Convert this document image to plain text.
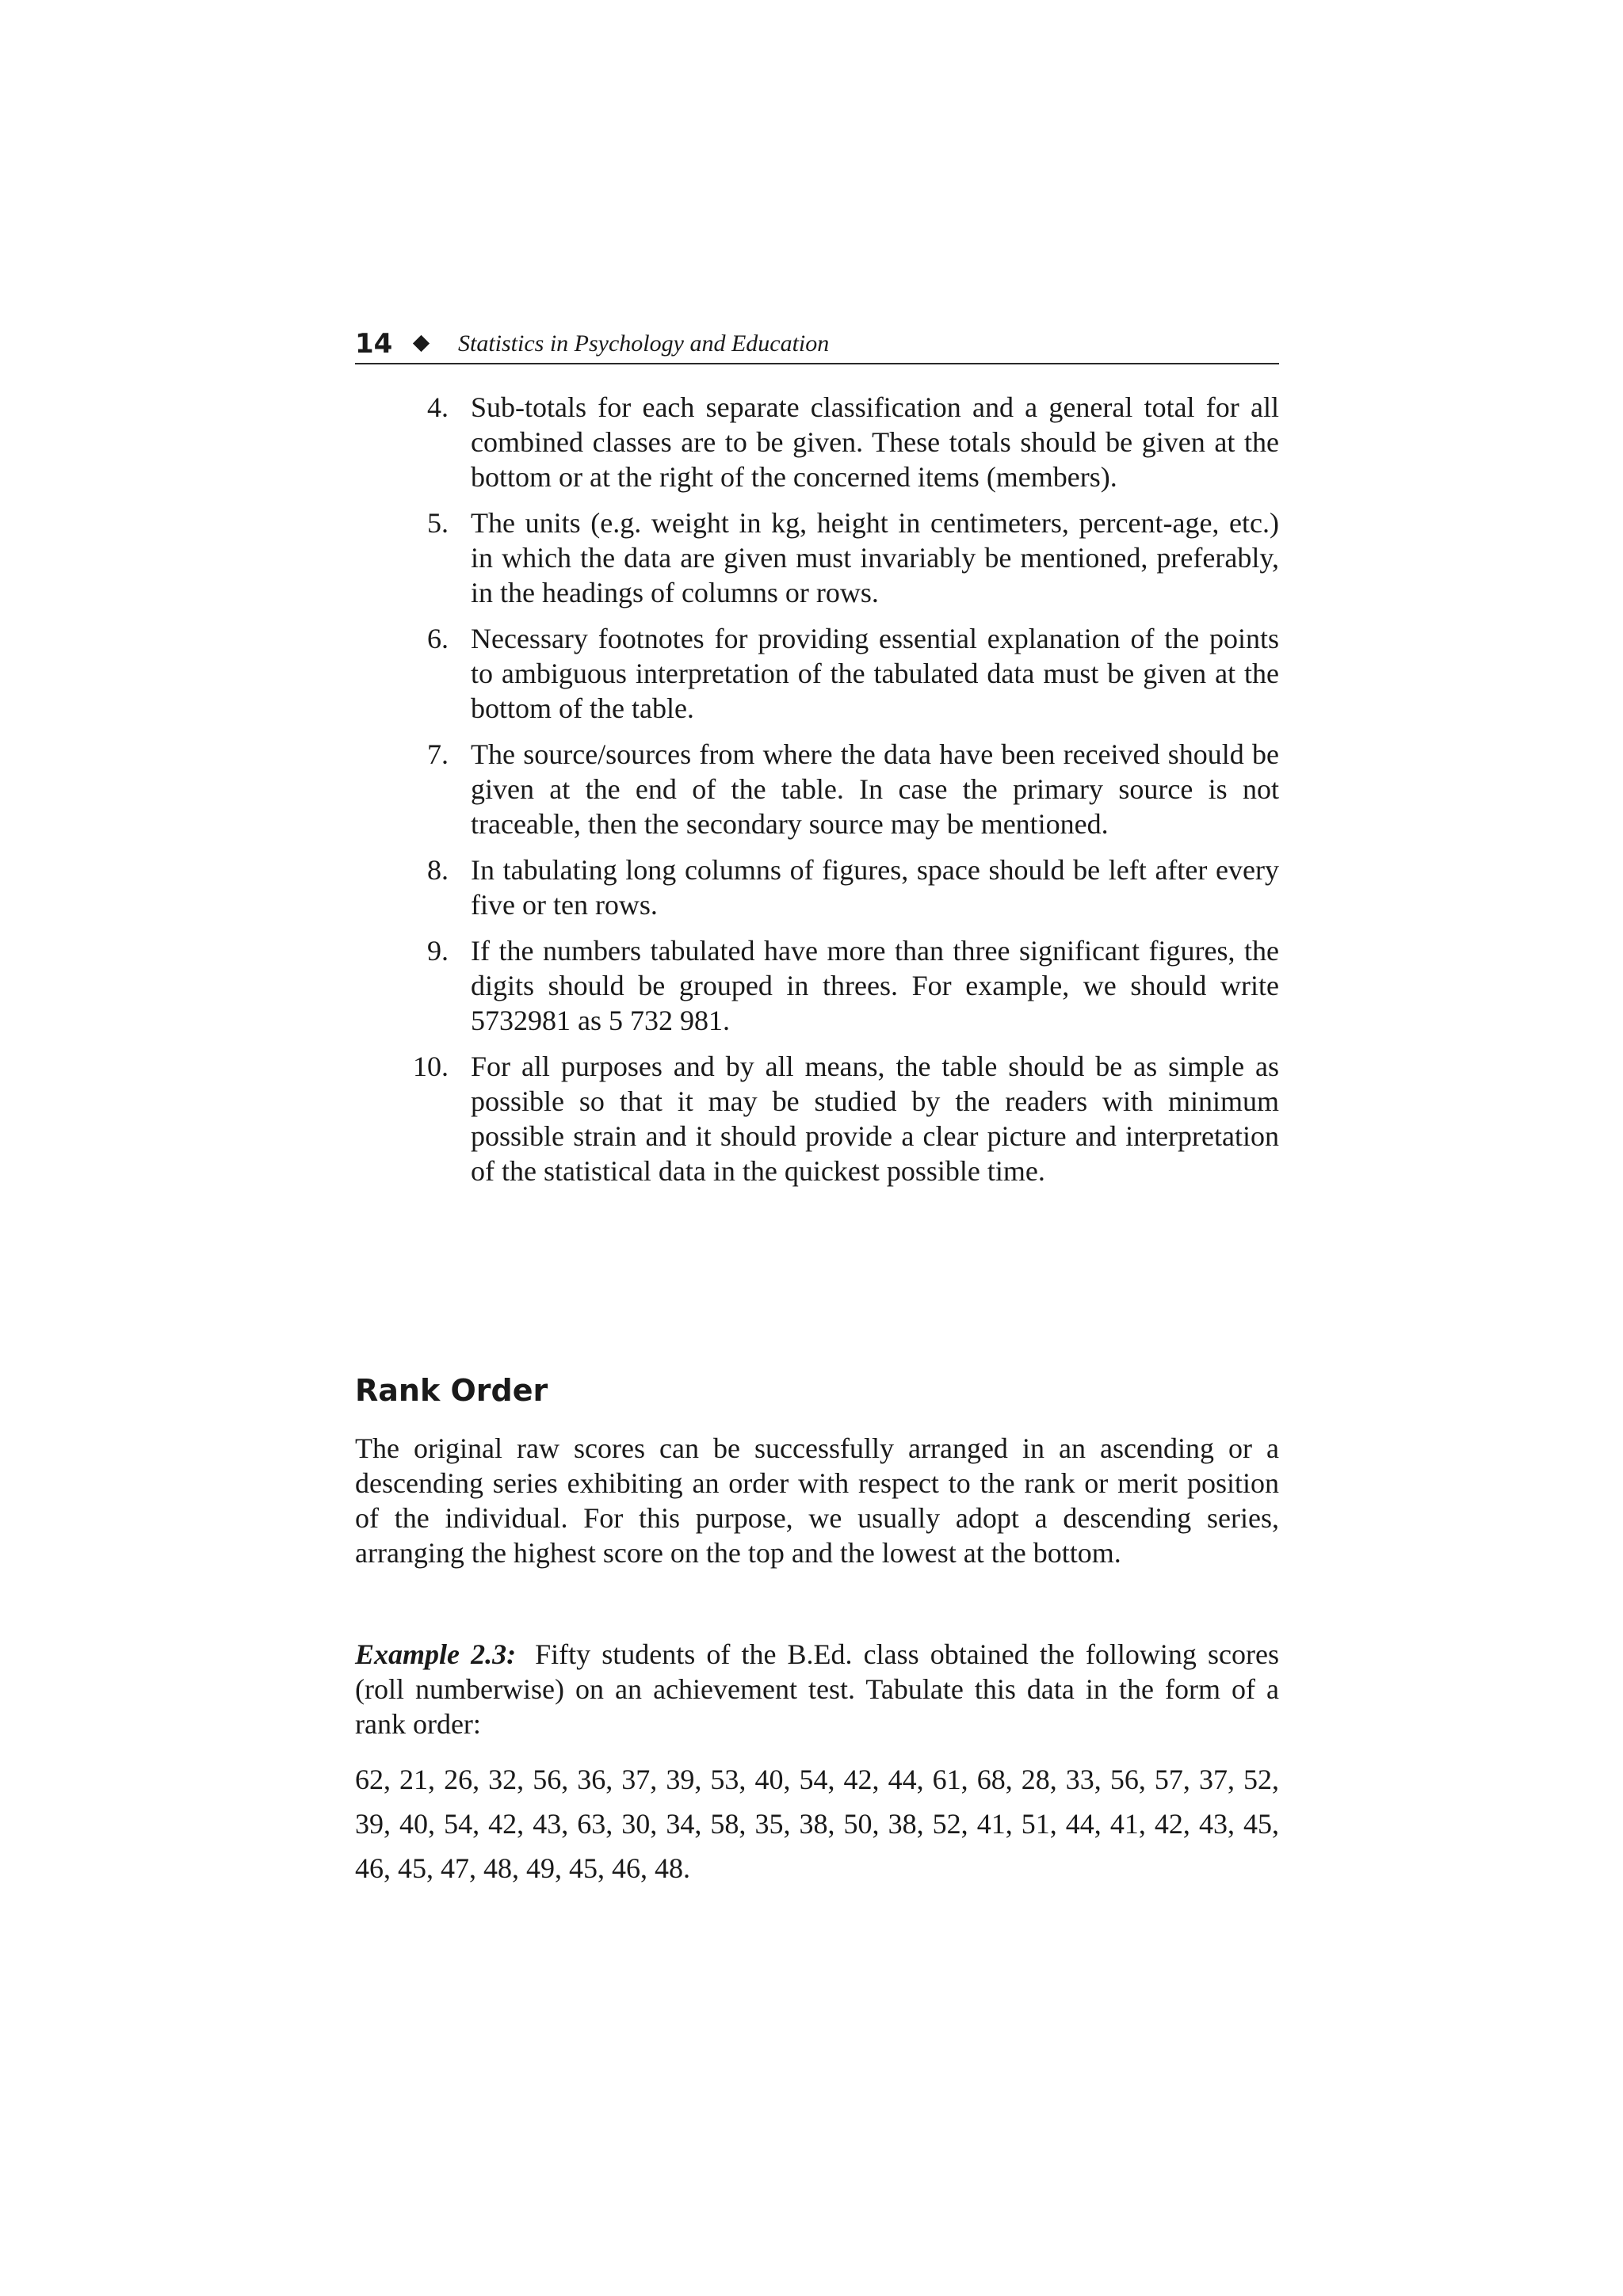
14	Statistics in Psychology and Education
4. Sub-totals for each separate classification and a general total for all combined classes are to be given. These totals should be given at the bottom or at the right of the concerned items (members).
5. The units (e.g. weight in kg, height in centimeters, percent-age, etc.) in which the data are given must invariably be mentioned, preferably, in the headings of columns or rows.
6. Necessary footnotes for providing essential explanation of the points to ambiguous interpretation of the tabulated data must be given at the bottom of the table.
7. The source/sources from where the data have been received should be given at the end of the table. In case the primary source is not traceable, then the secondary source may be mentioned.
8. In tabulating long columns of figures, space should be left after every five or ten rows.
9. If the numbers tabulated have more than three significant figures, the digits should be grouped in threes. For example, we should write 5732981 as 5 732 981.
10. For all purposes and by all means, the table should be as simple as possible so that it may be studied by the readers with minimum possible strain and it should provide a clear picture and interpretation of the statistical data in the quickest possible time.
Rank Order

The original raw scores can be successfully arranged in an ascending or a descending series exhibiting an order with respect to the rank or merit position of the individual. For this purpose, we usually adopt a descending series, arranging the highest score on the top and the lowest at the bottom.

Example 2.3: Fifty students of the B.Ed. class obtained the following scores (roll numberwise) on an achievement test. Tabulate this data in the form of a rank order:

62, 21, 26, 32, 56, 36, 37, 39, 53, 40, 54, 42, 44, 61, 68, 28, 33, 56, 57, 37, 52, 39, 40, 54, 42, 43, 63, 30, 34, 58, 35, 38, 50, 38, 52, 41, 51, 44, 41, 42, 43, 45, 46, 45, 47, 48, 49, 45, 46, 48.
